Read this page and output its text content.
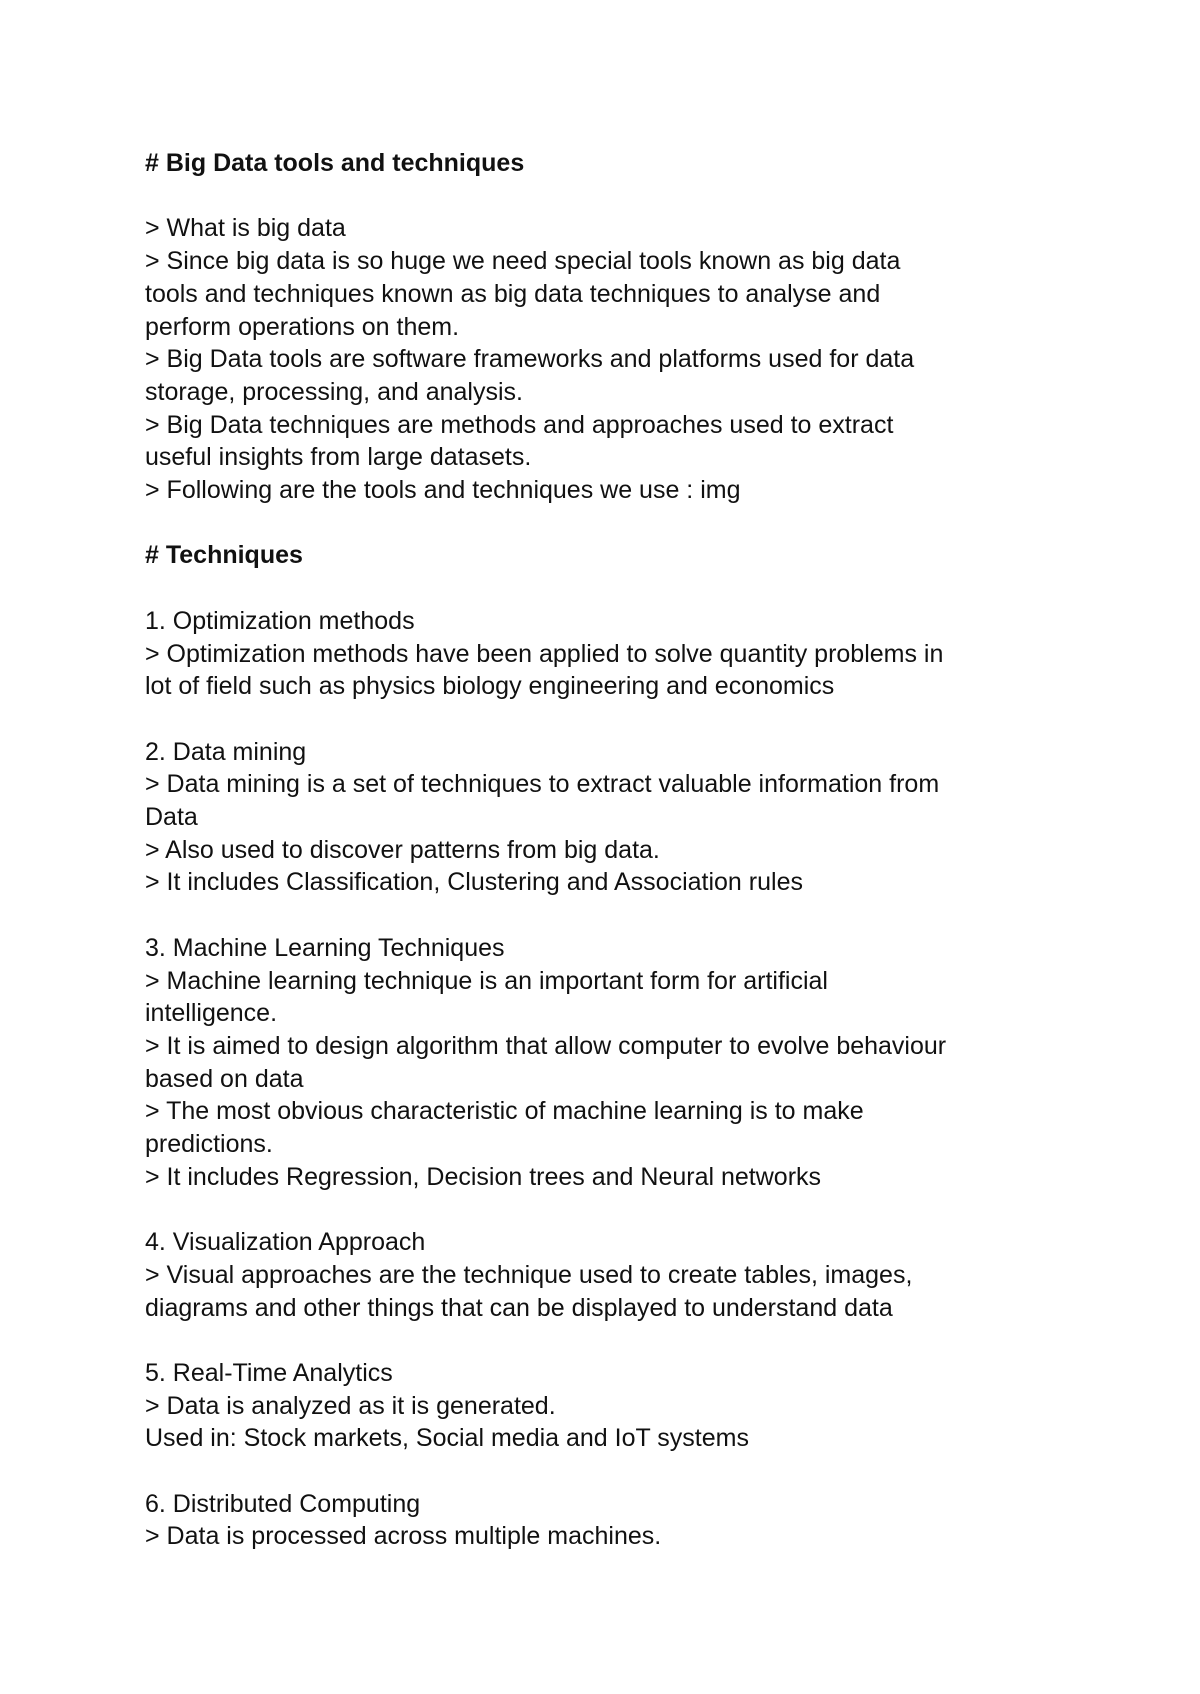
# Big Data tools and techniques
> What is big data
> Since big data is so huge we need special tools known as big data
tools and techniques known as big data techniques to analyse and
perform operations on them.
> Big Data tools are software frameworks and platforms used for data
storage, processing, and analysis.
> Big Data techniques are methods and approaches used to extract
useful insights from large datasets.
> Following are the tools and techniques we use : img
# Techniques
1. Optimization methods
> Optimization methods have been applied to solve quantity problems in
lot of field such as physics biology engineering and economics
2. Data mining
> Data mining is a set of techniques to extract valuable information from
Data
> Also used to discover patterns from big data.
> It includes Classification, Clustering and Association rules
3. Machine Learning Techniques
> Machine learning technique is an important form for artificial
intelligence.
> It is aimed to design algorithm that allow computer to evolve behaviour
based on data
> The most obvious characteristic of machine learning is to make
predictions.
> It includes Regression, Decision trees and Neural networks
4. Visualization Approach
> Visual approaches are the technique used to create tables, images,
diagrams and other things that can be displayed to understand data
5. Real-Time Analytics
> Data is analyzed as it is generated.
Used in: Stock markets, Social media and IoT systems
6. Distributed Computing
> Data is processed across multiple machines.
